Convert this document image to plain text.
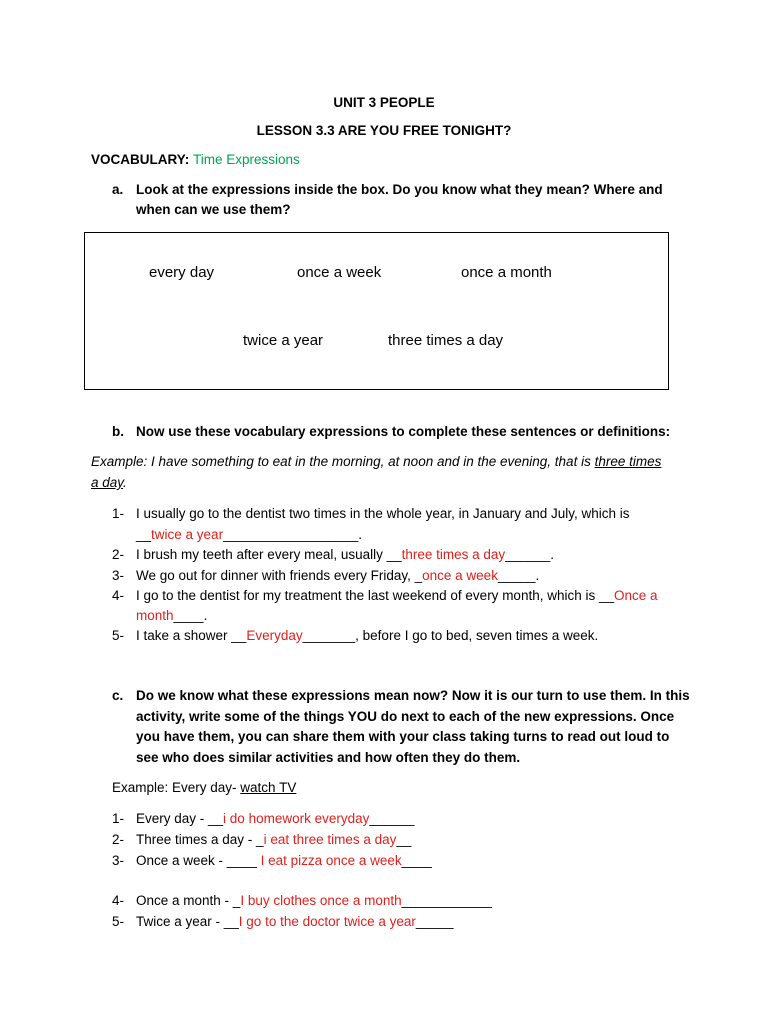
UNIT 3 PEOPLE
LESSON 3.3 ARE YOU FREE TONIGHT?
VOCABULARY: Time Expressions
a. Look at the expressions inside the box. Do you know what they mean? Where and
when can we use them?
every day	once a week	once a month
twice a year	three times a day
b. Now use these vocabulary expressions to complete these sentences or definitions:
Example: I have something to eat in the morning, at noon and in the evening, that is three times
a day.
1- I usually go to the dentist two times in the whole year, in January and July, which is
__twice a year__________________.
2- I brush my teeth after every meal, usually __three times a day______.
3- We go out for dinner with friends every Friday, _once a week_____.
4- I go to the dentist for my treatment the last weekend of every month, which is __Once a
month____.
5- I take a shower __Everyday_______, before I go to bed, seven times a week.
c. Do we know what these expressions mean now? Now it is our turn to use them. In this
activity, write some of the things YOU do next to each of the new expressions. Once
you have them, you can share them with your class taking turns to read out loud to
see who does similar activities and how often they do them.
Example: Every day- watch TV
1- Every day - __i do homework everyday______
2- Three times a day - _i eat three times a day__
3- Once a week - ____ I eat pizza once a week____
4- Once a month - _I buy clothes once a month____________
5- Twice a year - __I go to the doctor twice a year_____
